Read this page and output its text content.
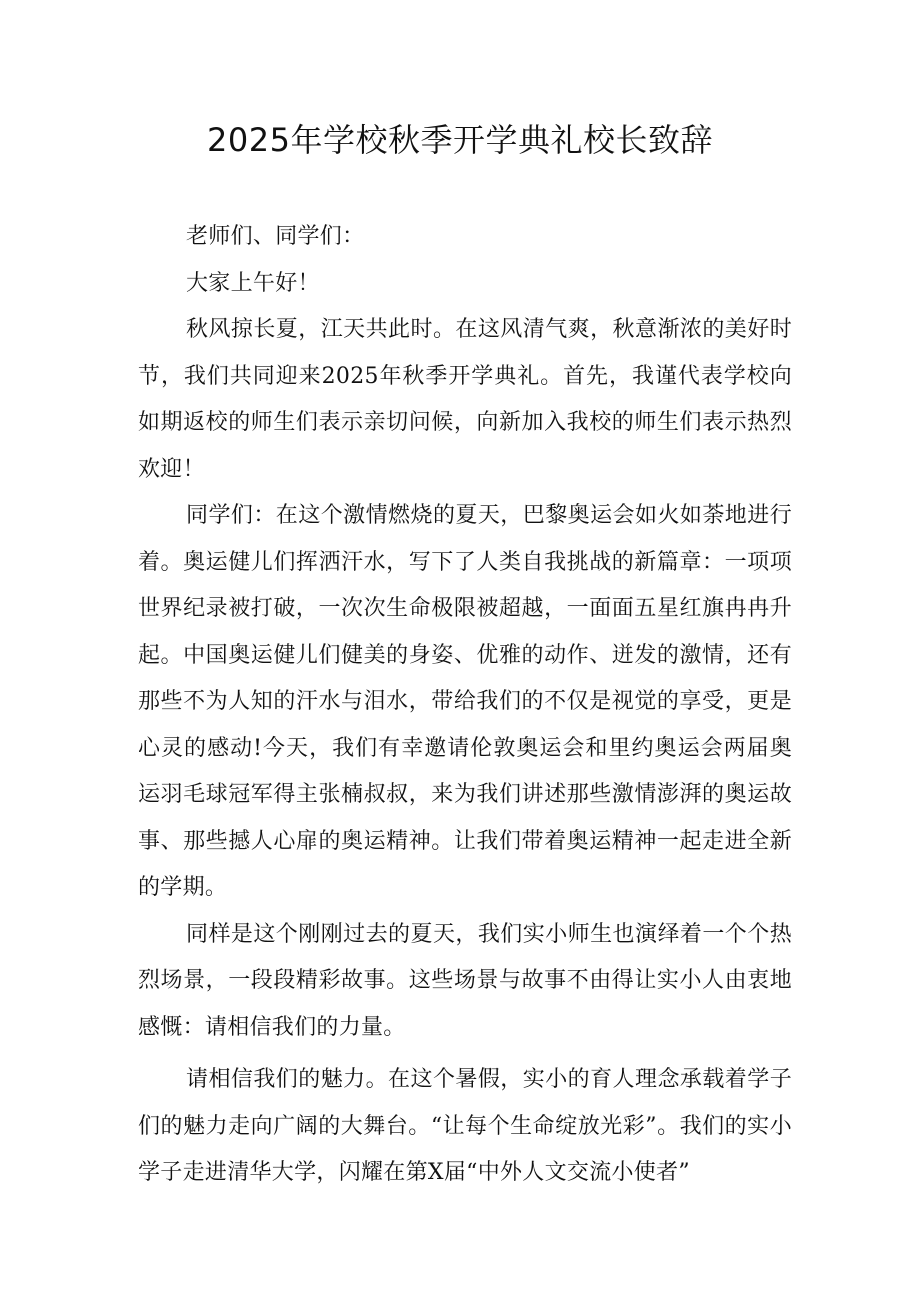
2025年学校秋季开学典礼校长致辞

老师们、同学们：

大家上午好！

秋风掠长夏，江天共此时。在这风清气爽，秋意渐浓的美好时节，我们共同迎来2025年秋季开学典礼。首先，我谨代表学校向如期返校的师生们表示亲切问候，向新加入我校的师生们表示热烈欢迎！

同学们：在这个激情燃烧的夏天，巴黎奥运会如火如荼地进行着。奥运健儿们挥洒汗水，写下了人类自我挑战的新篇章：一项项世界纪录被打破，一次次生命极限被超越，一面面五星红旗冉冉升起。中国奥运健儿们健美的身姿、优雅的动作、迸发的激情，还有那些不为人知的汗水与泪水，带给我们的不仅是视觉的享受，更是心灵的感动!今天，我们有幸邀请伦敦奥运会和里约奥运会两届奥运羽毛球冠军得主张楠叔叔，来为我们讲述那些激情澎湃的奥运故事、那些撼人心扉的奥运精神。让我们带着奥运精神一起走进全新的学期。

同样是这个刚刚过去的夏天，我们实小师生也演绎着一个个热烈场景，一段段精彩故事。这些场景与故事不由得让实小人由衷地感慨：请相信我们的力量。

请相信我们的魅力。在这个暑假，实小的育人理念承载着学子们的魅力走向广阔的大舞台。“让每个生命绽放光彩”。我们的实小学子走进清华大学，闪耀在第X届“中外人文交流小使者”
